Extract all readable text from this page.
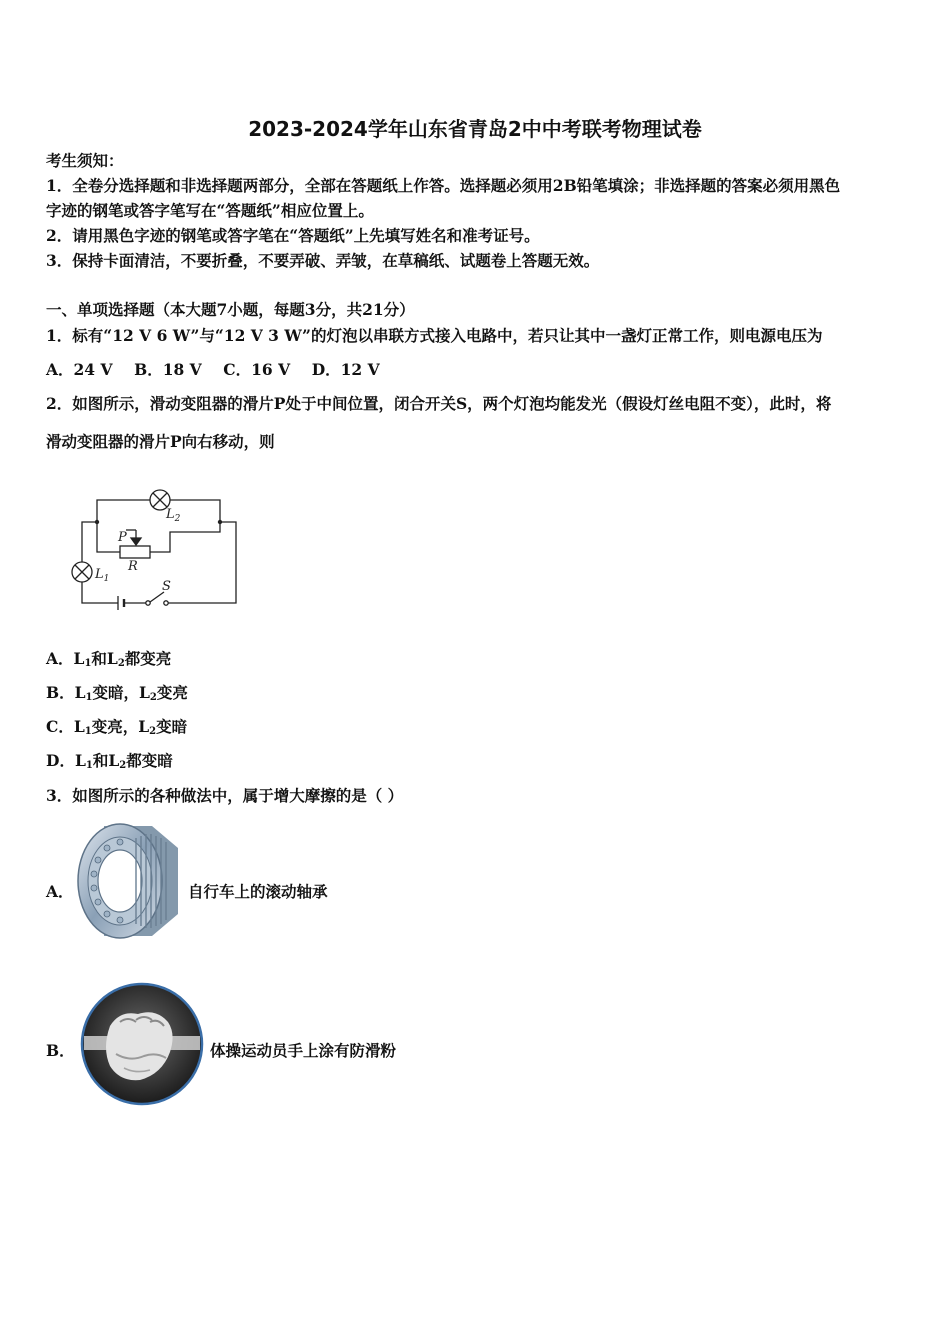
2023-2024学年山东省青岛2中中考联考物理试卷
考生须知：
1．全卷分选择题和非选择题两部分，全部在答题纸上作答。选择题必须用2B铅笔填涂；非选择题的答案必须用黑色
字迹的钢笔或答字笔写在“答题纸”相应位置上。
2．请用黑色字迹的钢笔或答字笔在“答题纸”上先填写姓名和准考证号。
3．保持卡面清洁，不要折叠，不要弄破、弄皱，在草稿纸、试题卷上答题无效。
一、单项选择题（本大题7小题，每题3分，共21分）
1．标有“12 V 6 W”与“12 V 3 W”的灯泡以串联方式接入电路中，若只让其中一盏灯正常工作，则电源电压为
A．24 V    B．18 V    C．16 V    D．12 V
2．如图所示，滑动变阻器的滑片P处于中间位置，闭合开关S，两个灯泡均能发光（假设灯丝电阻不变），此时，将
滑动变阻器的滑片P向右移动，则
$L_2$
P
R
$L_1$	S
A．$L_1$和$L_2$都变亮
B．$L_1$变暗，$L_2$变亮
C．$L_1$变亮，$L_2$变暗
D．$L_1$和$L_2$都变暗
3．如图所示的各种做法中，属于增大摩擦的是（ ）
A．	自行车上的滚动轴承
B．	体操运动员手上涂有防滑粉
